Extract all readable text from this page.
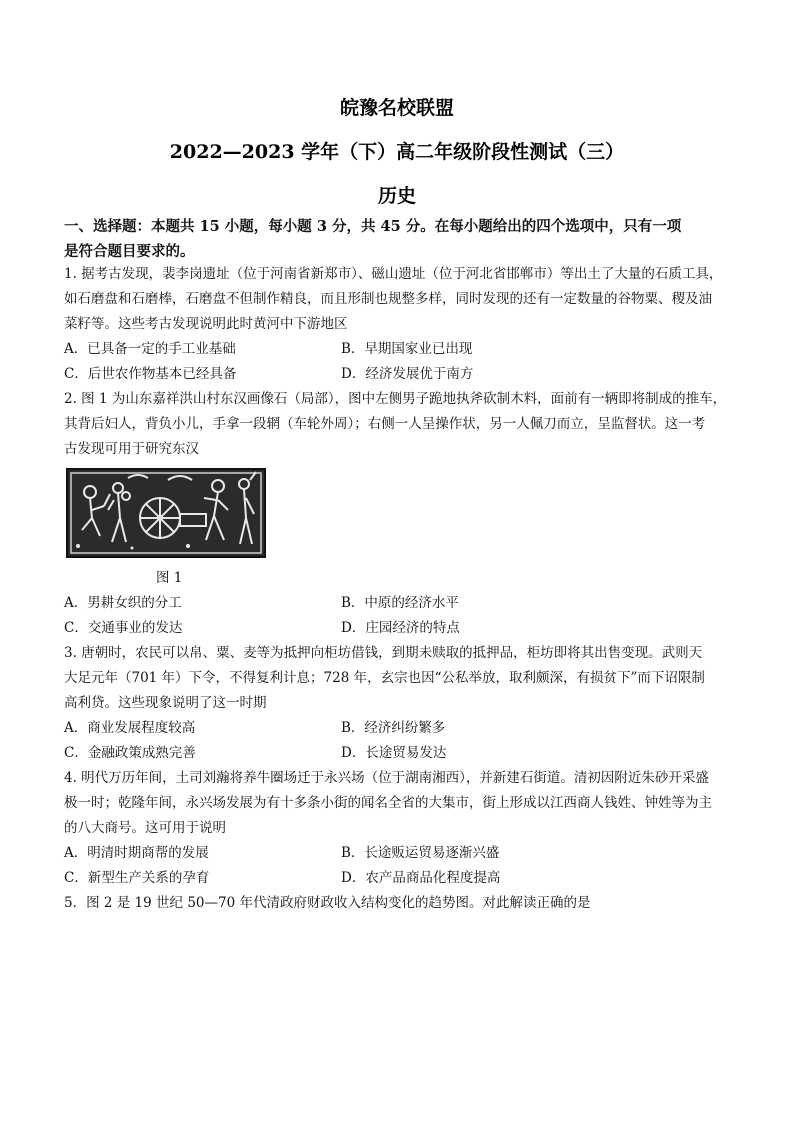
皖豫名校联盟
2022—2023 学年（下）高二年级阶段性测试（三）
历史
一、选择题：本题共 15 小题，每小题 3 分，共 45 分。在每小题给出的四个选项中，只有一项
是符合题目要求的。
1. 据考古发现，裴李岗遗址（位于河南省新郑市）、磁山遗址（位于河北省邯郸市）等出土了大量的石质工具，
如石磨盘和石磨棒，石磨盘不但制作精良，而且形制也规整多样，同时发现的还有一定数量的谷物粟、稷及油
菜籽等。这些考古发现说明此时黄河中下游地区
A．已具备一定的手工业基础	B．早期国家业已出现
C．后世农作物基本已经具备	D．经济发展优于南方
2. 图 1 为山东嘉祥洪山村东汉画像石（局部），图中左侧男子跪地执斧砍制木料，面前有一辆即将制成的推车，
其背后妇人，背负小儿，手拿一段辋（车轮外周）；右侧一人呈操作状，另一人佩刀而立，呈监督状。这一考
古发现可用于研究东汉
图 1
A．男耕女织的分工	B．中原的经济水平
C．交通事业的发达	D．庄园经济的特点
3. 唐朝时，农民可以帛、粟、麦等为抵押向柜坊借钱，到期未赎取的抵押品，柜坊即将其出售变现。武则天
大足元年（701 年）下令，不得复利计息；728 年，玄宗也因“公私举放，取利颇深，有损贫下”而下诏限制
高利贷。这些现象说明了这一时期
A．商业发展程度较高	B．经济纠纷繁多
C．金融政策成熟完善	D．长途贸易发达
4. 明代万历年间，土司刘瀚将养牛圈场迁于永兴场（位于湖南湘西），并新建石街道。清初因附近朱砂开采盛
极一时；乾隆年间，永兴场发展为有十多条小街的闻名全省的大集市，街上形成以江西商人钱姓、钟姓等为主
的八大商号。这可用于说明
A．明清时期商帮的发展	B．长途贩运贸易逐渐兴盛
C．新型生产关系的孕育	D．农产品商品化程度提高
5．图 2 是 19 世纪 50—70 年代清政府财政收入结构变化的趋势图。对此解读正确的是
